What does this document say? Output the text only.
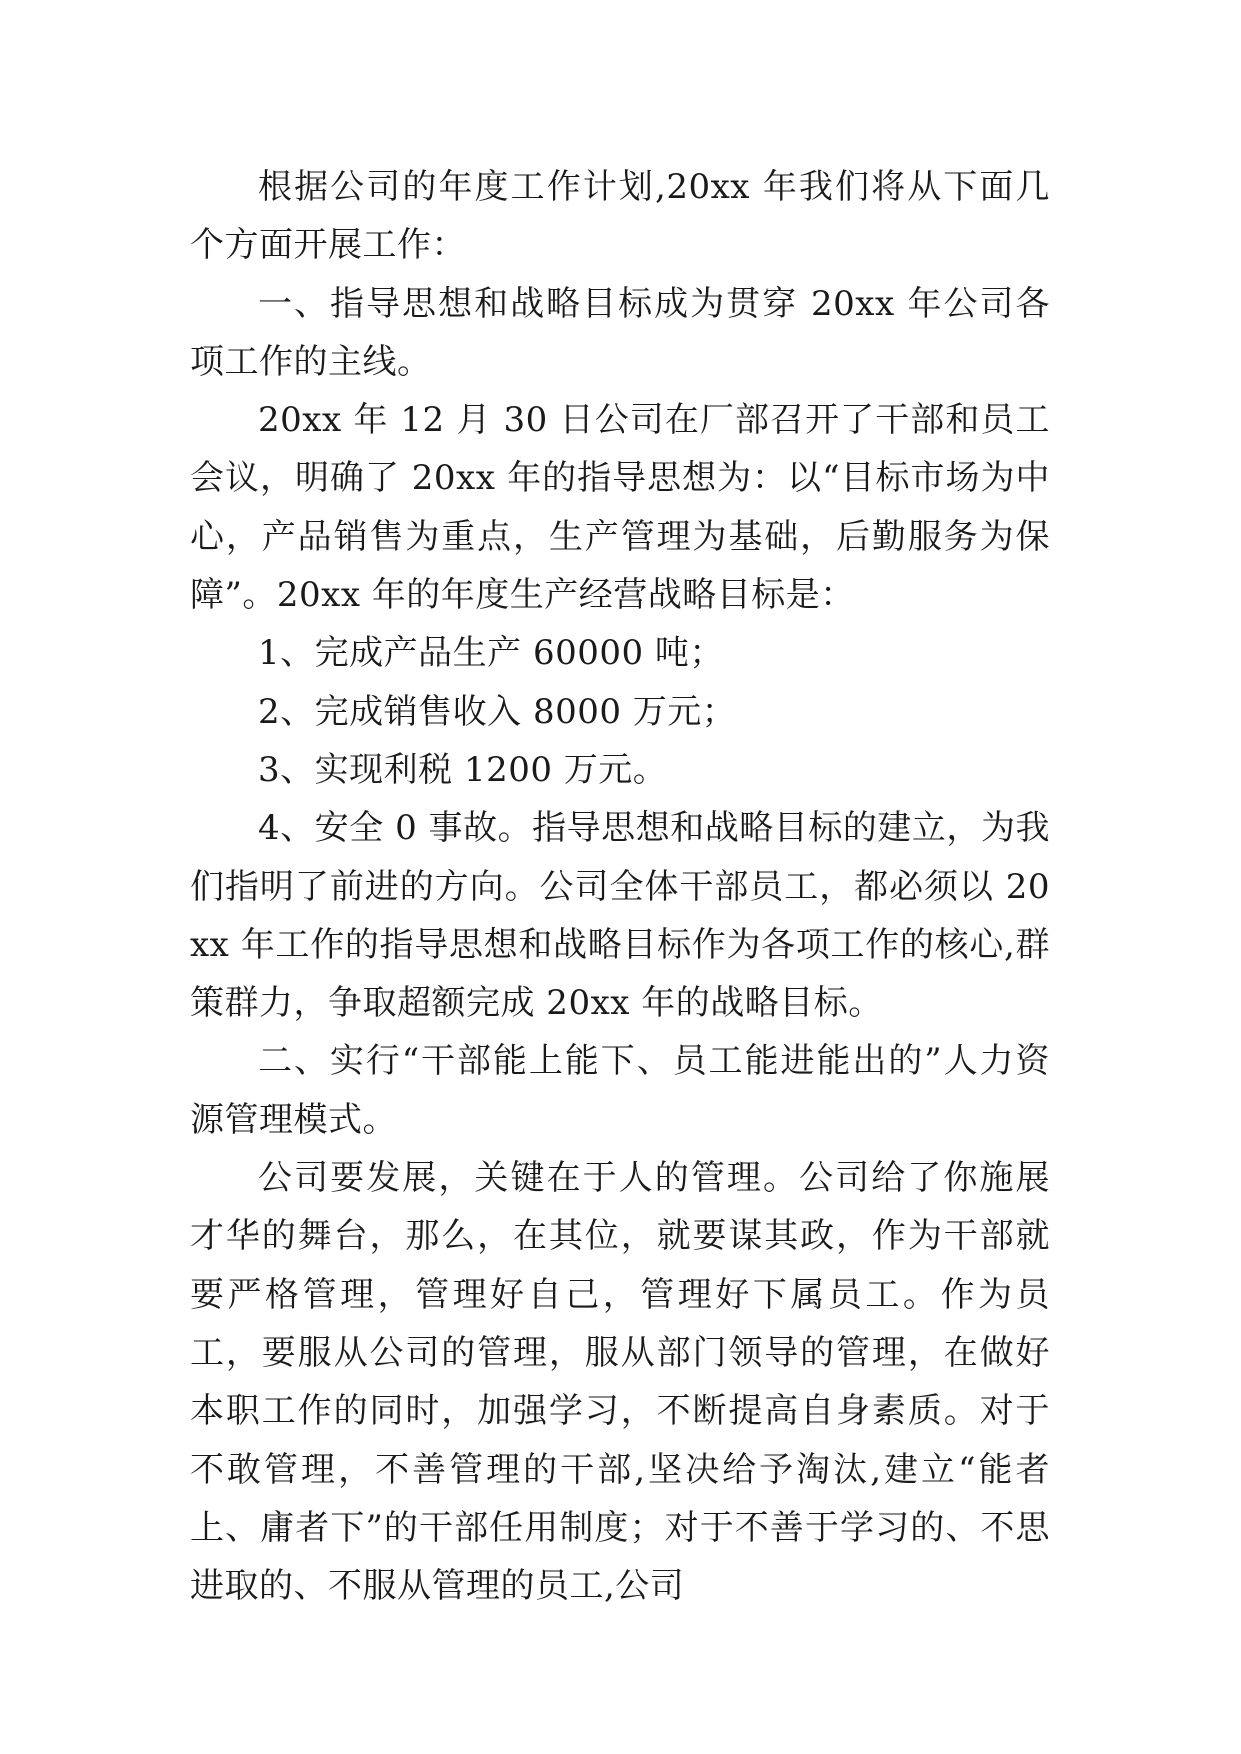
根据公司的年度工作计划,20xx 年我们将从下面几个方面开展工作：

一、指导思想和战略目标成为贯穿 20xx 年公司各项工作的主线。

20xx 年 12 月 30 日公司在厂部召开了干部和员工会议，明确了 20xx 年的指导思想为：以“目标市场为中心，产品销售为重点，生产管理为基础，后勤服务为保障”。20xx 年的年度生产经营战略目标是：

1、完成产品生产 60000 吨；

2、完成销售收入 8000 万元；

3、实现利税 1200 万元。

4、安全 0 事故。指导思想和战略目标的建立，为我们指明了前进的方向。公司全体干部员工，都必须以 20xx 年工作的指导思想和战略目标作为各项工作的核心,群策群力，争取超额完成 20xx 年的战略目标。

二、实行“干部能上能下、员工能进能出的”人力资源管理模式。

公司要发展，关键在于人的管理。公司给了你施展才华的舞台，那么，在其位，就要谋其政，作为干部就要严格管理，管理好自己，管理好下属员工。作为员工，要服从公司的管理，服从部门领导的管理，在做好本职工作的同时，加强学习，不断提高自身素质。对于不敢管理，不善管理的干部,坚决给予淘汰,建立“能者上、庸者下”的干部任用制度；对于不善于学习的、不思进取的、不服从管理的员工,公司
